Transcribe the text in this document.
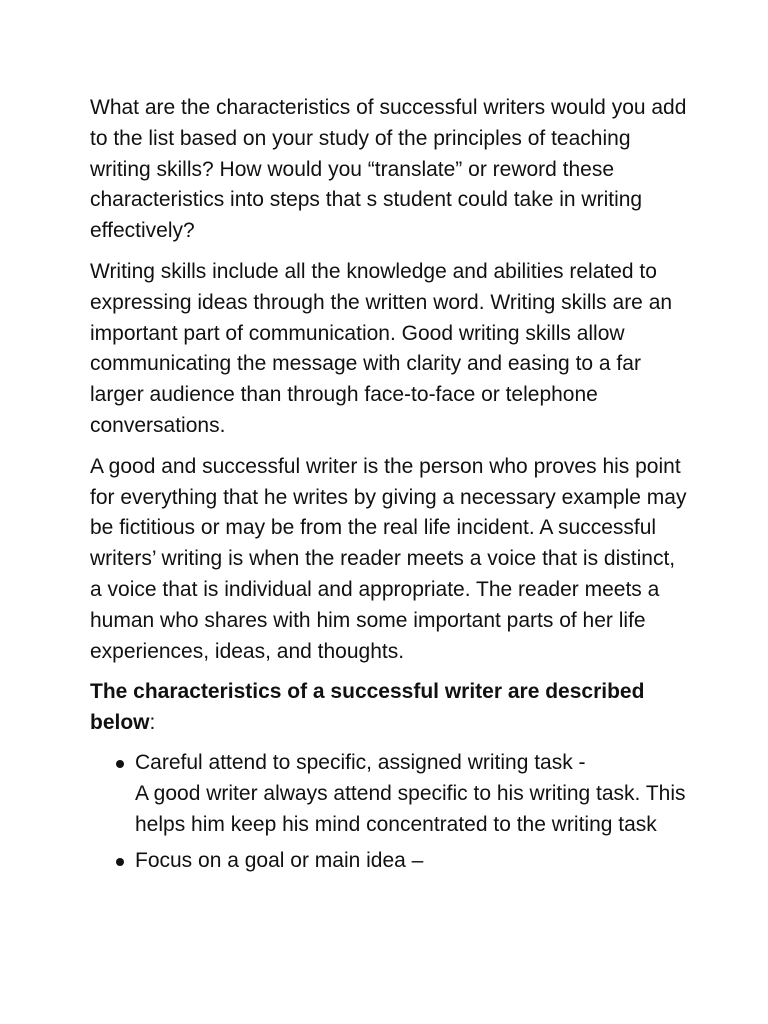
What are the characteristics of successful writers would you add to the list based on your study of the principles of teaching writing skills? How would you “translate” or reword these characteristics into steps that s student could take in writing effectively?

Writing skills include all the knowledge and abilities related to expressing ideas through the written word. Writing skills are an important part of communication. Good writing skills allow communicating the message with clarity and easing to a far larger audience than through face-to-face or telephone conversations.

A good and successful writer is the person who proves his point for everything that he writes by giving a necessary example may be fictitious or may be from the real life incident. A successful writers’ writing is when the reader meets a voice that is distinct, a voice that is individual and appropriate. The reader meets a human who shares with him some important parts of her life experiences, ideas, and thoughts.

The characteristics of a successful writer are described below:

Careful attend to specific, assigned writing task -
A good writer always attend specific to his writing task. This helps him keep his mind concentrated to the writing task
Focus on a goal or main idea –
